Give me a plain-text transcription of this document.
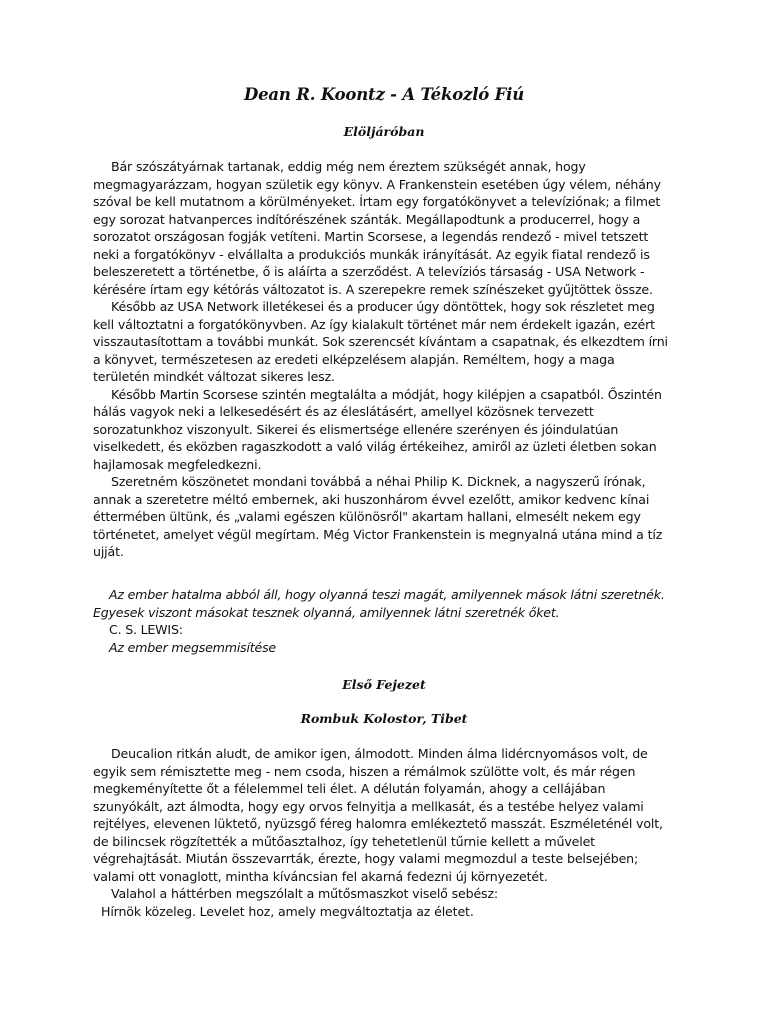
Dean R. Koontz - A Tékozló Fiú
Elöljáróban

Bár szószátyárnak tartanak, eddig még nem éreztem szükségét annak, hogy
megmagyarázzam, hogyan születik egy könyv. A Frankenstein esetében úgy vélem, néhány
szóval be kell mutatnom a körülményeket. Írtam egy forgatókönyvet a televíziónak; a filmet
egy sorozat hatvanperces indítórészének szánták. Megállapodtunk a producerrel, hogy a
sorozatot országosan fogják vetíteni. Martin Scorsese, a legendás rendező - mivel tetszett
neki a forgatókönyv - elvállalta a produkciós munkák irányítását. Az egyik fiatal rendező is
beleszeretett a történetbe, ő is aláírta a szerződést. A televíziós társaság - USA Network -
kérésére írtam egy kétórás változatot is. A szerepekre remek színészeket gyűjtöttek össze.

Később az USA Network illetékesei és a producer úgy döntöttek, hogy sok részletet meg
kell változtatni a forgatókönyvben. Az így kialakult történet már nem érdekelt igazán, ezért
visszautasítottam a további munkát. Sok szerencsét kívántam a csapatnak, és elkezdtem írni
a könyvet, természetesen az eredeti elképzelésem alapján. Reméltem, hogy a maga
területén mindkét változat sikeres lesz.

Később Martin Scorsese szintén megtalálta a módját, hogy kilépjen a csapatból. Őszintén
hálás vagyok neki a lelkesedésért és az éleslátásért, amellyel közösnek tervezett
sorozatunkhoz viszonyult. Sikerei és elismertsége ellenére szerényen és jóindulatúan
viselkedett, és eközben ragaszkodott a való világ értékeihez, amiről az üzleti életben sokan
hajlamosak megfeledkezni.

Szeretném köszönetet mondani továbbá a néhai Philip K. Dicknek, a nagyszerű írónak,
annak a szeretetre méltó embernek, aki huszonhárom évvel ezelőtt, amikor kedvenc kínai
éttermében ültünk, és „valami egészen különösről" akartam hallani, elmesélt nekem egy
történetet, amelyet végül megírtam. Még Victor Frankenstein is megnyalná utána mind a tíz
ujját.

Az ember hatalma abból áll, hogy olyanná teszi magát, amilyennek mások látni szeretnék.
Egyesek viszont másokat tesznek olyanná, amilyennek látni szeretnék őket.
C. S. LEWIS:
Az ember megsemmisítése
Első Fejezet
Rombuk Kolostor, Tibet

Deucalion ritkán aludt, de amikor igen, álmodott. Minden álma lidércnyomásos volt, de
egyik sem rémisztette meg - nem csoda, hiszen a rémálmok szülötte volt, és már régen
megkeményítette őt a félelemmel teli élet. A délután folyamán, ahogy a cellájában
szunyókált, azt álmodta, hogy egy orvos felnyitja a mellkasát, és a testébe helyez valami
rejtélyes, elevenen lüktető, nyüzsgő féreg halomra emlékeztető masszát. Eszméleténél volt,
de bilincsek rögzítették a műtőasztalhoz, így tehetetlenül tűrnie kellett a művelet
végrehajtását. Miután összevarrták, érezte, hogy valami megmozdul a teste belsejében;
valami ott vonaglott, mintha kíváncsian fel akarná fedezni új környezetét.

Valahol a háttérben megszólalt a műtősmaszkot viselő sebész:

Hírnök közeleg. Levelet hoz, amely megváltoztatja az életet.
